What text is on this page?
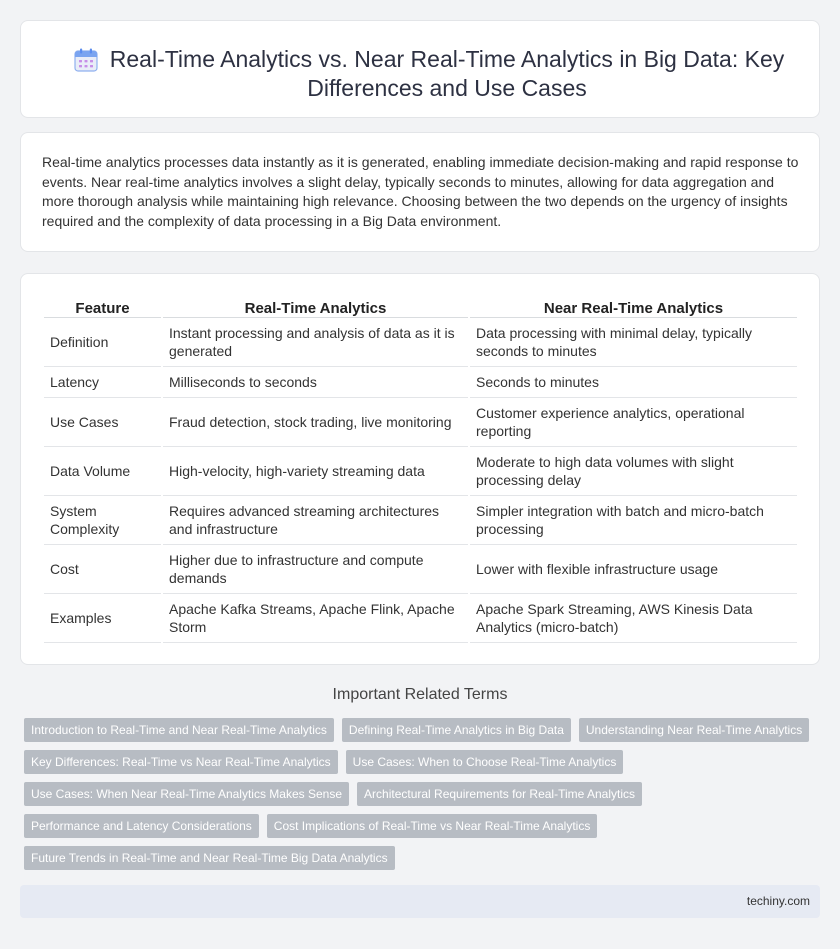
Real-Time Analytics vs. Near Real-Time Analytics in Big Data: Key Differences and Use Cases

Real-time analytics processes data instantly as it is generated, enabling immediate decision-making and rapid response to events. Near real-time analytics involves a slight delay, typically seconds to minutes, allowing for data aggregation and more thorough analysis while maintaining high relevance. Choosing between the two depends on the urgency of insights required and the complexity of data processing in a Big Data environment.

Feature	Real-Time Analytics	Near Real-Time Analytics
Definition	Instant processing and analysis of data as it is generated	Data processing with minimal delay, typically seconds to minutes
Latency	Milliseconds to seconds	Seconds to minutes
Use Cases	Fraud detection, stock trading, live monitoring	Customer experience analytics, operational reporting
Data Volume	High-velocity, high-variety streaming data	Moderate to high data volumes with slight processing delay
System Complexity	Requires advanced streaming architectures and infrastructure	Simpler integration with batch and micro-batch processing
Cost	Higher due to infrastructure and compute demands	Lower with flexible infrastructure usage
Examples	Apache Kafka Streams, Apache Flink, Apache Storm	Apache Spark Streaming, AWS Kinesis Data Analytics (micro-batch)
Important Related Terms
Introduction to Real-Time and Near Real-Time Analytics	Defining Real-Time Analytics in Big Data	Understanding Near Real-Time Analytics
Key Differences: Real-Time vs Near Real-Time Analytics	Use Cases: When to Choose Real-Time Analytics
Use Cases: When Near Real-Time Analytics Makes Sense	Architectural Requirements for Real-Time Analytics
Performance and Latency Considerations	Cost Implications of Real-Time vs Near Real-Time Analytics
Future Trends in Real-Time and Near Real-Time Big Data Analytics
techiny.com
